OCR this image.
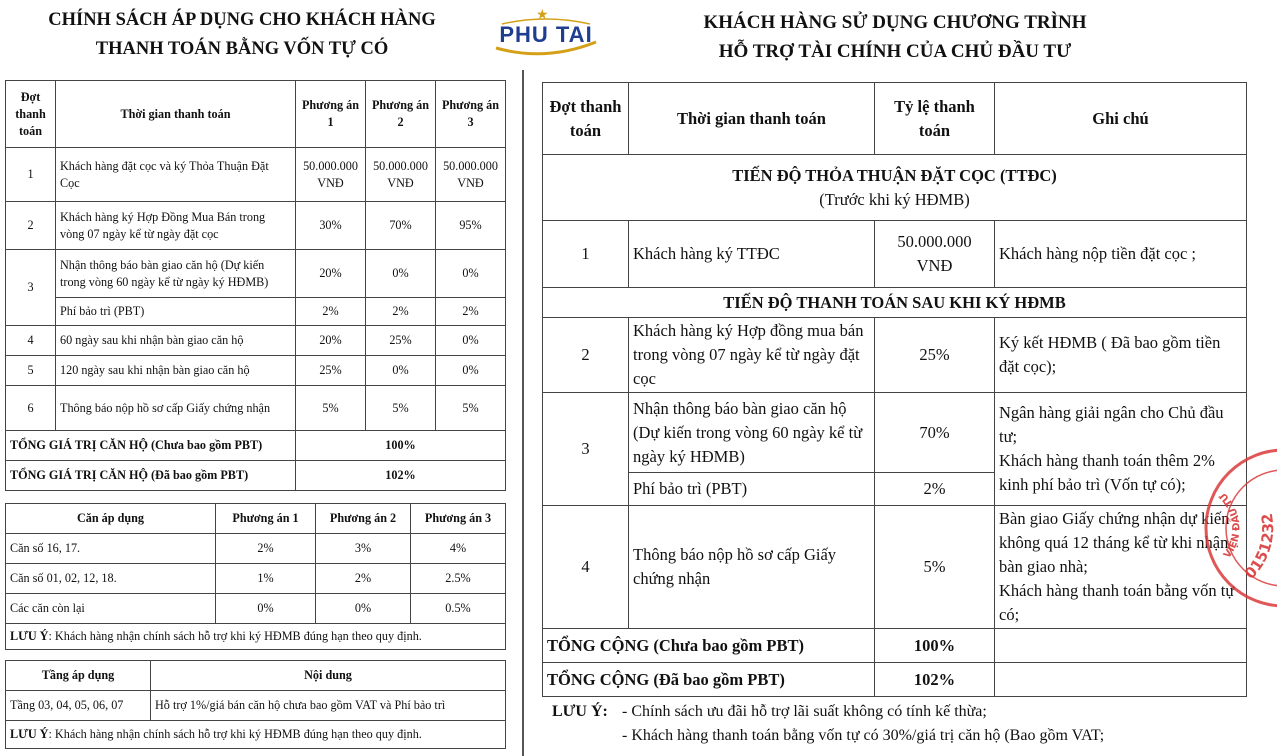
CHÍNH SÁCH ÁP DỤNG CHO KHÁCH HÀNG
THANH TOÁN BẰNG VỐN TỰ CÓ
★
PHU TAI	KHÁCH HÀNG SỬ DỤNG CHƯƠNG TRÌNH
HỖ TRỢ TÀI CHÍNH CỦA CHỦ ĐẦU TƯ
Đợt thanh toán	Thời gian thanh toán	Phương án 1	Phương án 2	Phương án 3
1	Khách hàng đặt cọc và ký Thỏa Thuận Đặt Cọc	50.000.000 VNĐ	50.000.000 VNĐ	50.000.000 VNĐ
2	Khách hàng ký Hợp Đồng Mua Bán trong vòng 07 ngày kể từ ngày đặt cọc	30%	70%	95%
3	Nhận thông báo bàn giao căn hộ (Dự kiến trong vòng 60 ngày kể từ ngày ký HĐMB)	20%	0%	0%
	Phí bảo trì (PBT)	2%	2%	2%
4	60 ngày sau khi nhận bàn giao căn hộ	20%	25%	0%
5	120 ngày sau khi nhận bàn giao căn hộ	25%	0%	0%
6	Thông báo nộp hồ sơ cấp Giấy chứng nhận	5%	5%	5%
TỔNG GIÁ TRỊ CĂN HỘ (Chưa bao gồm PBT)		100%		
TỔNG GIÁ TRỊ CĂN HỘ (Đã bao gồm PBT)		102%		
Căn áp dụng	Phương án 1	Phương án 2	Phương án 3
Căn số 16, 17.	2%	3%	4%
Căn số 01, 02, 12, 18.	1%	2%	2.5%
Các căn còn lại	0%	0%	0.5%
LƯU Ý: Khách hàng nhận chính sách hỗ trợ khi ký HĐMB đúng hạn theo quy định.			
Tầng áp dụng	Nội dung
Tầng 03, 04, 05, 06, 07	Hỗ trợ 1%/giá bán căn hộ chưa bao gồm VAT và Phí bảo trì
LƯU Ý: Khách hàng nhận chính sách hỗ trợ khi ký HĐMB đúng hạn theo quy định.	
Đợt thanh toán	Thời gian thanh toán	Tỷ lệ thanh toán	Ghi chú

TIẾN ĐỘ THỎA THUẬN ĐẶT CỌC (TTĐC)
(Trước khi ký HĐMB)			

1	Khách hàng ký TTĐC	50.000.000 VNĐ	Khách hàng nộp tiền đặt cọc ;
TIẾN ĐỘ THANH TOÁN SAU KHI KÝ HĐMB			
2	Khách hàng ký Hợp đồng mua bán trong vòng 07 ngày kể từ ngày đặt cọc	25%	Ký kết HĐMB ( Đã bao gồm tiền đặt cọc);
3	Nhận thông báo bàn giao căn hộ (Dự kiến trong vòng 60 ngày kể từ ngày ký HĐMB)	70%	Ngân hàng giải ngân cho Chủ đầu tư;
Khách hàng thanh toán thêm 2% kinh phí bảo trì (Vốn tự có);

	Phí bảo trì (PBT)	2%	
4	Thông báo nộp hồ sơ cấp Giấy chứng nhận	5%	Bàn giao Giấy chứng nhận dự kiến không quá 12 tháng kể từ khi nhận bàn giao nhà;
Khách hàng thanh toán bằng vốn tự có;

TỔNG CỘNG (Chưa bao gồm PBT)		100%	
TỔNG CỘNG (Đã bao gồm PBT)		102%	
LƯU Ý: - Chính sách ưu đãi hỗ trợ lãi suất không có tính kế thừa;
- Khách hàng thanh toán bằng vốn tự có 30%/giá trị căn hộ (Bao gồm VAT;
0151232
VIỆN ĐẦU TƯ
